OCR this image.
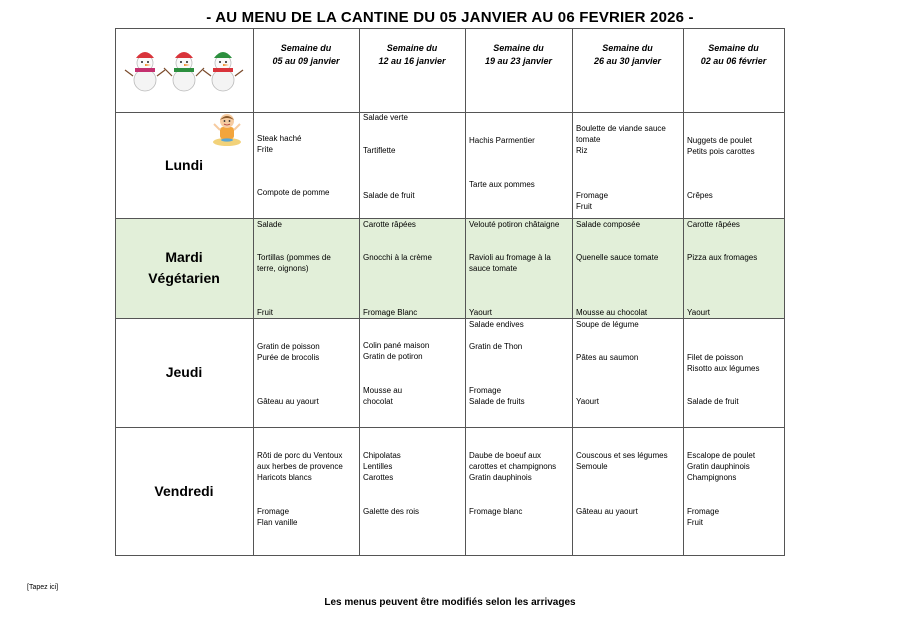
- AU MENU DE LA CANTINE DU 05 JANVIER AU 06 FEVRIER 2026 -
Semaine du
05 au 09 janvier
Semaine du
12 au 16 janvier
Semaine du
19 au 23 janvier
Semaine du
26 au 30 janvier
Semaine du
02 au 06 février
Lundi
Mardi
Végétarien
Jeudi
Vendredi
Steak haché
Frite
Compote de pomme
Salade verte
Tartiflette
Salade de fruit
Hachis Parmentier
Tarte aux pommes
Boulette de viande sauce
tomate
Riz
Fromage
Fruit
Nuggets de poulet
Petits pois carottes
Crêpes
Salade
Tortillas (pommes de
terre, oignons)
Fruit
Carotte râpées
Gnocchi à la crème
Fromage Blanc
Velouté potiron châtaigne
Ravioli au fromage à la
sauce tomate
Yaourt
Salade composée
Quenelle sauce tomate
Mousse au chocolat
Carotte râpées
Pizza aux fromages
Yaourt
Gratin de poisson
Purée de brocolis
Gâteau au yaourt
Colin pané maison
Gratin de potiron
Mousse au
chocolat
Salade endives
Gratin de Thon
Fromage
Salade de fruits
Soupe de légume
Pâtes au saumon
Yaourt
Filet de poisson
Risotto aux légumes
Salade de fruit
Rôti de porc du Ventoux
aux herbes de provence
Haricots blancs
Fromage
Flan vanille
Chipolatas
Lentilles
Carottes
Galette des rois
Daube de boeuf aux
carottes et champignons
Gratin dauphinois
Fromage blanc
Couscous et ses légumes
Semoule
Gâteau au yaourt
Escalope de poulet
Gratin dauphinois
Champignons
Fromage
Fruit
[Tapez ici]
Les menus peuvent être modifiés selon les arrivages
